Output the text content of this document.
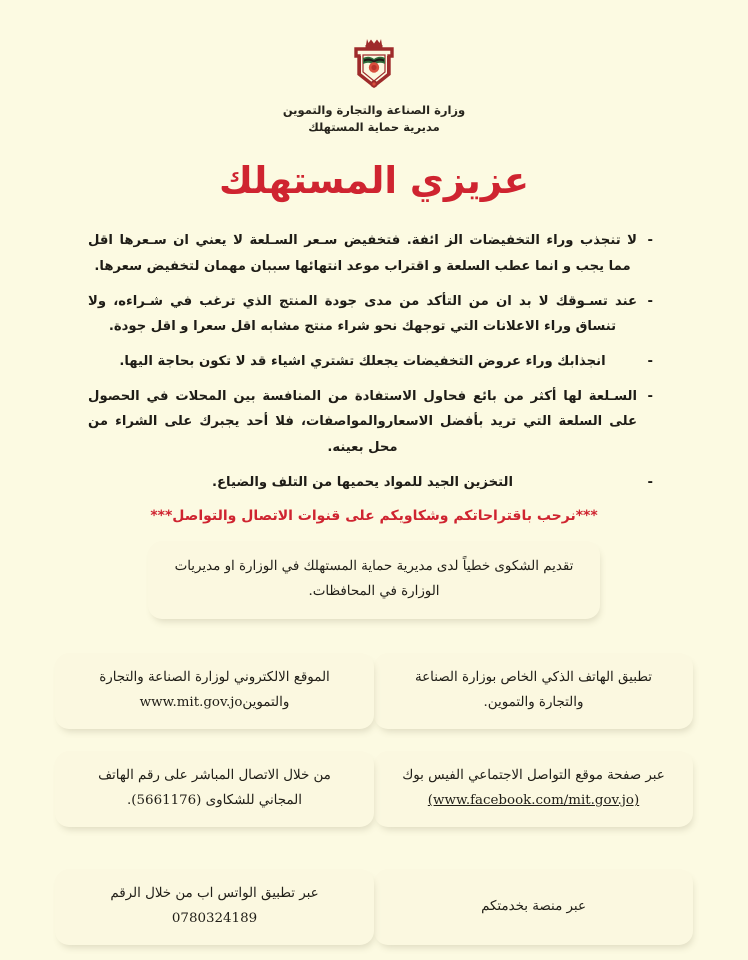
وزارة الصناعة والتجارة والتموين
مديرية حماية المستهلك
عزيزي المستهلك
-
لا تنجذب وراء التخفيضات الز ائفة. فتخفيض سـعر السـلعة لا يعني ان سـعرها اقل مما يجب و انما عطب السلعة و اقتراب موعد انتهائها سببان مهمان لتخفيض سعرها.
-
عند تسـوقك لا بد ان من التأكد من مدى جودة المنتج الذي ترغب في شـراءه، ولا تنساق وراء الاعلانات التي توجهك نحو شراء منتج مشابه اقل سعرا و اقل جودة.
-
انجذابك وراء عروض التخفيضات يجعلك تشتري اشياء قد لا تكون بحاجة اليها.
-
السـلعة لها أكثر من بائع فحاول الاستفادة من المنافسة بين المحلات في الحصول على السلعة التي تريد بأفضل الاسعاروالمواصفات، فلا أحد يجبرك على الشراء من محل بعينه.
-
التخزين الجيد للمواد يحميها من التلف والضياع.
***نرحب باقتراحاتكم وشكاويكم على قنوات الاتصال والتواصل***
تقديم الشكوى خطياً لدى مديرية حماية المستهلك في الوزارة او مديريات الوزارة في المحافظات.
تطبيق الهاتف الذكي الخاص بوزارة الصناعة والتجارة والتموين.
الموقع الالكتروني لوزارة الصناعة والتجارة والتموينwww.mit.gov.jo
عبر صفحة موقع التواصل الاجتماعي الفيس بوك
(www.facebook.com/mit.gov.jo)
من خلال الاتصال المباشر على رقم الهاتف المجاني للشكاوى (5661176).
عبر منصة بخدمتكم
عبر تطبيق الواتس اب من خلال الرقم
0780324189
